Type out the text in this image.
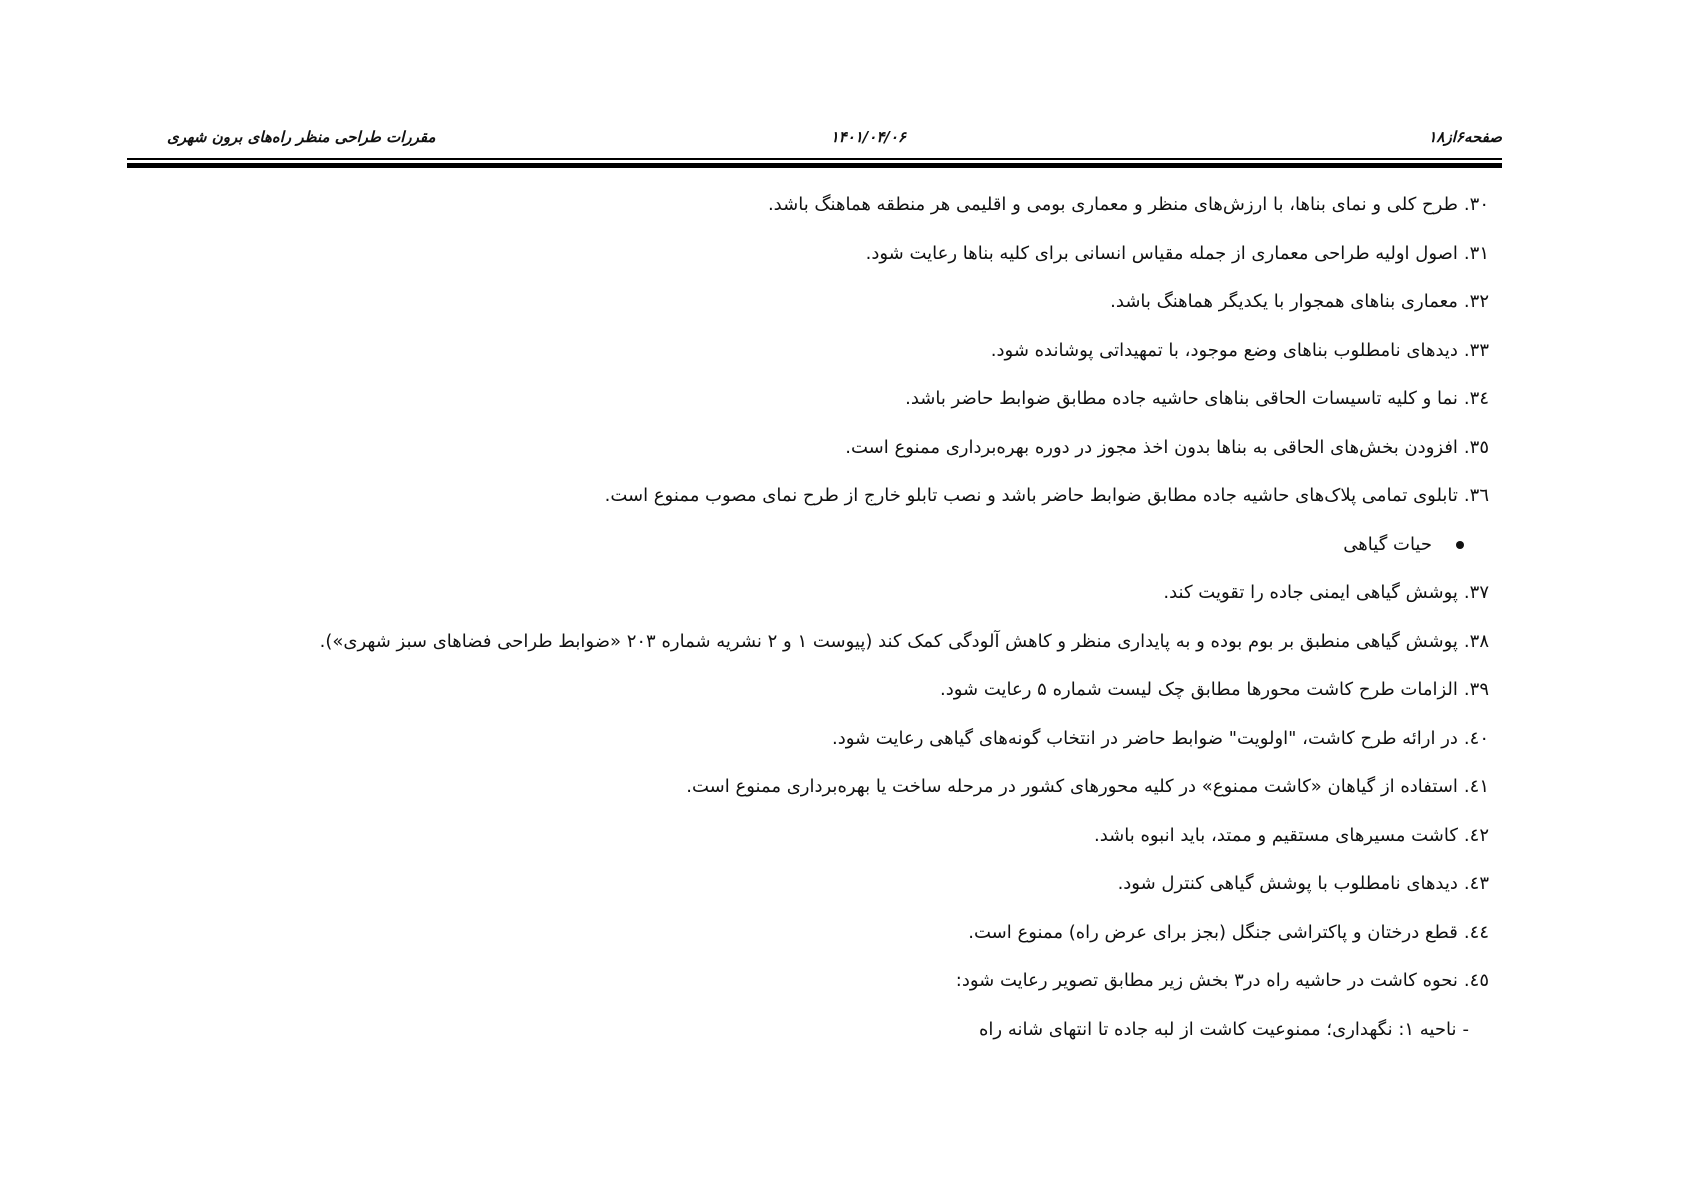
صفحه۶از۱۸
۱۴۰۱/۰۴/۰۶
مقررات طراحی منظر راه‌های برون شهری
۳۰.طرح کلی و نمای بناها، با ارزش‌های منظر و معماری بومی و اقلیمی هر منطقه هماهنگ باشد.
۳۱.اصول اولیه طراحی معماری از جمله مقیاس انسانی برای کلیه بناها رعایت شود.
۳۲.معماری بناهای همجوار با یکدیگر هماهنگ باشد.
۳۳.دیدهای نامطلوب بناهای وضع موجود، با تمهیداتی پوشانده شود.
۳٤.نما و کلیه تاسیسات الحاقی بناهای حاشیه جاده مطابق ضوابط حاضر باشد.
۳٥.افزودن بخش‌های الحاقی به بناها بدون اخذ مجوز در دوره بهره‌برداری ممنوع است.
۳٦.تابلوی تمامی پلاک‌های حاشیه جاده مطابق ضوابط حاضر باشد و نصب تابلو خارج از طرح نمای مصوب ممنوع است.
حیات گیاهی
۳۷.پوشش گیاهی ایمنی جاده را تقویت کند.
۳۸.پوشش گیاهی منطبق بر بوم بوده و به پایداری منظر و کاهش آلودگی کمک کند (پیوست ۱ و ۲ نشریه شماره ۲۰۳ «ضوابط طراحی فضاهای سبز شهری»).
۳۹.الزامات طرح کاشت محورها مطابق چک لیست شماره ۵ رعایت شود.
٤۰.در ارائه طرح کاشت، "اولویت" ضوابط حاضر در انتخاب گونه‌های گیاهی رعایت شود.
٤۱.استفاده از گیاهان «کاشت ممنوع» در کلیه محورهای کشور در مرحله ساخت یا بهره‌برداری ممنوع است.
٤۲.کاشت مسیرهای مستقیم و ممتد، باید انبوه باشد.
٤۳.دیدهای نامطلوب با پوشش گیاهی کنترل شود.
٤٤.قطع درختان و پاکتراشی جنگل (بجز برای عرض راه) ممنوع است.
٤٥.نحوه کاشت در حاشیه راه در۳ بخش زیر مطابق تصویر رعایت شود:
-ناحیه ۱: نگهداری؛ ممنوعیت کاشت از لبه جاده تا انتهای شانه راه
